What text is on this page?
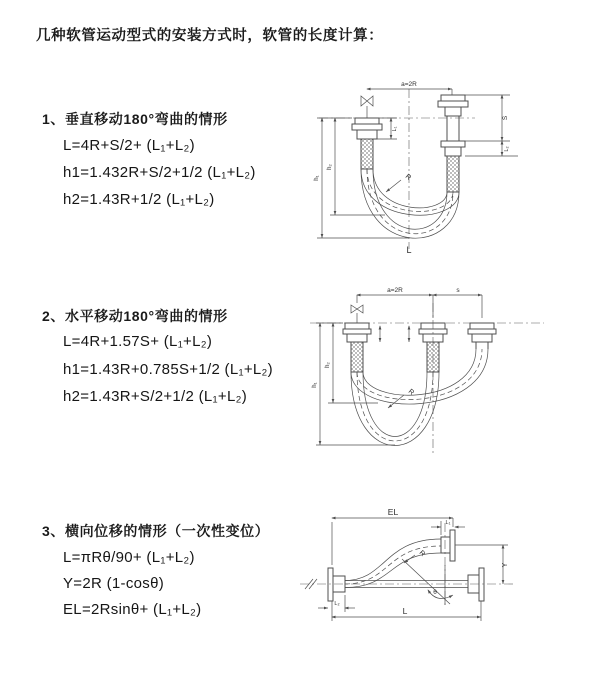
几种软管运动型式的安装方式时，软管的长度计算：
1、垂直移动180°弯曲的情形
L=4R+S/2+ (L₁+L₂)
h1=1.432R+S/2+1/2 (L₁+L₂)
h2=1.43R+1/2 (L₁+L₂)
2、水平移动180°弯曲的情形
L=4R+1.57S+ (L₁+L₂)
h1=1.43R+0.785S+1/2 (L₁+L₂)
h2=1.43R+S/2+1/2 (L₁+L₂)
3、横向位移的情形（一次性变位）
L=πRθ/90+ (L₁+L₂)
Y=2R (1-cosθ)
EL=2Rsinθ+ (L₁+L₂)
a=2R
h₁
h₂
L₁
S
L₂
R
L
a=2R	s
h₁
h₂
R
EL
L₁
Y
R
θ
L₂
L
